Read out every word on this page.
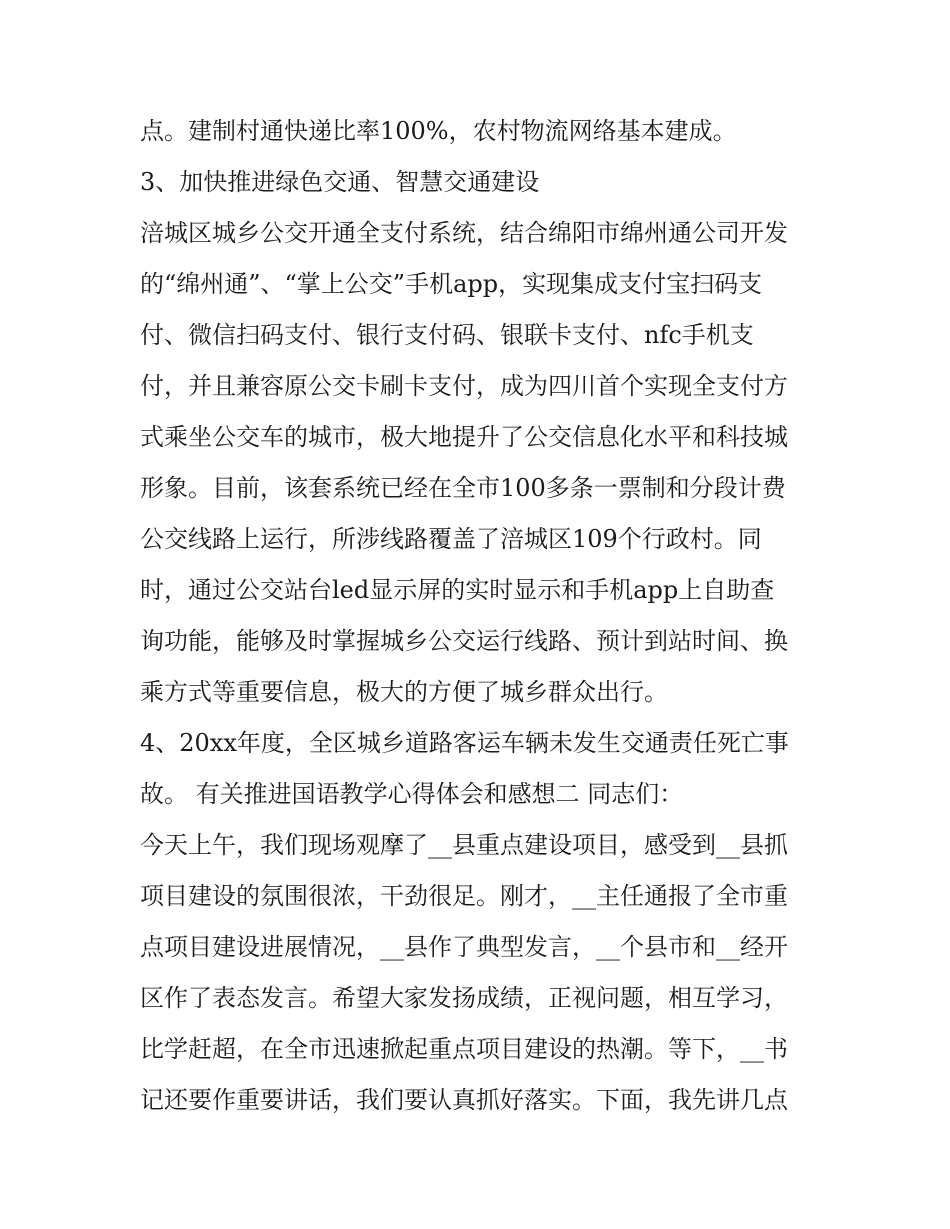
点。建制村通快递比率100%，农村物流网络基本建成。
3、加快推进绿色交通、智慧交通建设
涪城区城乡公交开通全支付系统，结合绵阳市绵州通公司开发
的“绵州通”、“掌上公交”手机app，实现集成支付宝扫码支
付、微信扫码支付、银行支付码、银联卡支付、nfc手机支
付，并且兼容原公交卡刷卡支付，成为四川首个实现全支付方
式乘坐公交车的城市，极大地提升了公交信息化水平和科技城
形象。目前，该套系统已经在全市100多条一票制和分段计费
公交线路上运行，所涉线路覆盖了涪城区109个行政村。同
时，通过公交站台led显示屏的实时显示和手机app上自助查
询功能，能够及时掌握城乡公交运行线路、预计到站时间、换
乘方式等重要信息，极大的方便了城乡群众出行。
4、20xx年度，全区城乡道路客运车辆未发生交通责任死亡事
故。 有关推进国语教学心得体会和感想二 同志们：
今天上午，我们现场观摩了__县重点建设项目，感受到__县抓
项目建设的氛围很浓，干劲很足。刚才，__主任通报了全市重
点项目建设进展情况，__县作了典型发言，__个县市和__经开
区作了表态发言。希望大家发扬成绩，正视问题，相互学习，
比学赶超，在全市迅速掀起重点项目建设的热潮。等下，__书
记还要作重要讲话，我们要认真抓好落实。下面，我先讲几点
